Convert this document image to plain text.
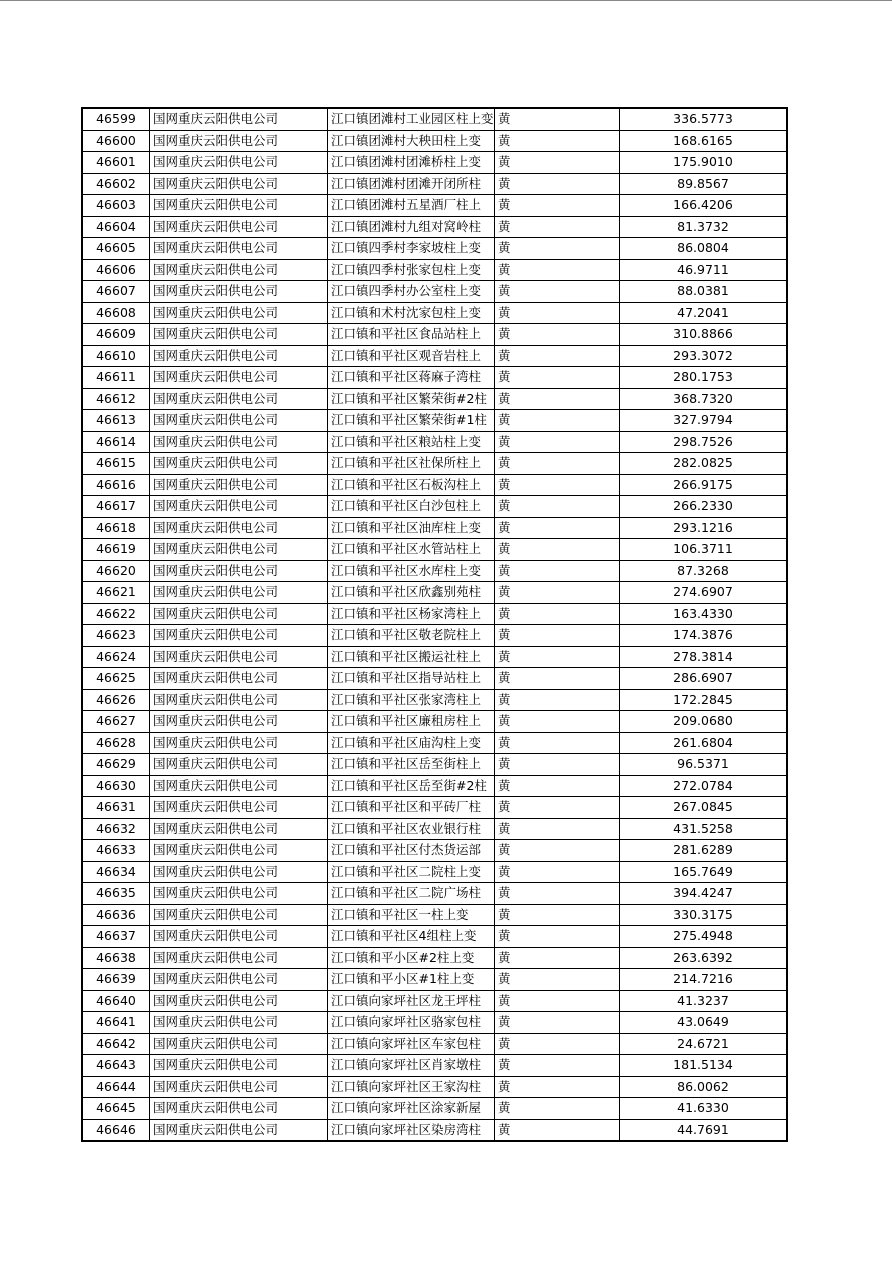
46599	国网重庆云阳供电公司	江口镇团滩村工业园区柱上变	黄	336.5773
46600	国网重庆云阳供电公司	江口镇团滩村大秧田柱上变	黄	168.6165
46601	国网重庆云阳供电公司	江口镇团滩村团滩桥柱上变	黄	175.9010
46602	国网重庆云阳供电公司	江口镇团滩村团滩开闭所柱	黄	89.8567
46603	国网重庆云阳供电公司	江口镇团滩村五星酒厂柱上	黄	166.4206
46604	国网重庆云阳供电公司	江口镇团滩村九组对窝岭柱	黄	81.3732
46605	国网重庆云阳供电公司	江口镇四季村李家坡柱上变	黄	86.0804
46606	国网重庆云阳供电公司	江口镇四季村张家包柱上变	黄	46.9711
46607	国网重庆云阳供电公司	江口镇四季村办公室柱上变	黄	88.0381
46608	国网重庆云阳供电公司	江口镇和术村沈家包柱上变	黄	47.2041
46609	国网重庆云阳供电公司	江口镇和平社区食品站柱上	黄	310.8866
46610	国网重庆云阳供电公司	江口镇和平社区观音岩柱上	黄	293.3072
46611	国网重庆云阳供电公司	江口镇和平社区蒋麻子湾柱	黄	280.1753
46612	国网重庆云阳供电公司	江口镇和平社区繁荣街#2柱	黄	368.7320
46613	国网重庆云阳供电公司	江口镇和平社区繁荣街#1柱	黄	327.9794
46614	国网重庆云阳供电公司	江口镇和平社区粮站柱上变	黄	298.7526
46615	国网重庆云阳供电公司	江口镇和平社区社保所柱上	黄	282.0825
46616	国网重庆云阳供电公司	江口镇和平社区石板沟柱上	黄	266.9175
46617	国网重庆云阳供电公司	江口镇和平社区白沙包柱上	黄	266.2330
46618	国网重庆云阳供电公司	江口镇和平社区油库柱上变	黄	293.1216
46619	国网重庆云阳供电公司	江口镇和平社区水管站柱上	黄	106.3711
46620	国网重庆云阳供电公司	江口镇和平社区水库柱上变	黄	87.3268
46621	国网重庆云阳供电公司	江口镇和平社区欣鑫别苑柱	黄	274.6907
46622	国网重庆云阳供电公司	江口镇和平社区杨家湾柱上	黄	163.4330
46623	国网重庆云阳供电公司	江口镇和平社区敬老院柱上	黄	174.3876
46624	国网重庆云阳供电公司	江口镇和平社区搬运社柱上	黄	278.3814
46625	国网重庆云阳供电公司	江口镇和平社区指导站柱上	黄	286.6907
46626	国网重庆云阳供电公司	江口镇和平社区张家湾柱上	黄	172.2845
46627	国网重庆云阳供电公司	江口镇和平社区廉租房柱上	黄	209.0680
46628	国网重庆云阳供电公司	江口镇和平社区庙沟柱上变	黄	261.6804
46629	国网重庆云阳供电公司	江口镇和平社区岳至街柱上	黄	96.5371
46630	国网重庆云阳供电公司	江口镇和平社区岳至街#2柱	黄	272.0784
46631	国网重庆云阳供电公司	江口镇和平社区和平砖厂柱	黄	267.0845
46632	国网重庆云阳供电公司	江口镇和平社区农业银行柱	黄	431.5258
46633	国网重庆云阳供电公司	江口镇和平社区付杰货运部	黄	281.6289
46634	国网重庆云阳供电公司	江口镇和平社区二院柱上变	黄	165.7649
46635	国网重庆云阳供电公司	江口镇和平社区二院广场柱	黄	394.4247
46636	国网重庆云阳供电公司	江口镇和平社区一柱上变	黄	330.3175
46637	国网重庆云阳供电公司	江口镇和平社区4组柱上变	黄	275.4948
46638	国网重庆云阳供电公司	江口镇和平小区#2柱上变	黄	263.6392
46639	国网重庆云阳供电公司	江口镇和平小区#1柱上变	黄	214.7216
46640	国网重庆云阳供电公司	江口镇向家坪社区龙王坪柱	黄	41.3237
46641	国网重庆云阳供电公司	江口镇向家坪社区骆家包柱	黄	43.0649
46642	国网重庆云阳供电公司	江口镇向家坪社区车家包柱	黄	24.6721
46643	国网重庆云阳供电公司	江口镇向家坪社区肖家墩柱	黄	181.5134
46644	国网重庆云阳供电公司	江口镇向家坪社区王家沟柱	黄	86.0062
46645	国网重庆云阳供电公司	江口镇向家坪社区涂家新屋	黄	41.6330
46646	国网重庆云阳供电公司	江口镇向家坪社区染房湾柱	黄	44.7691
